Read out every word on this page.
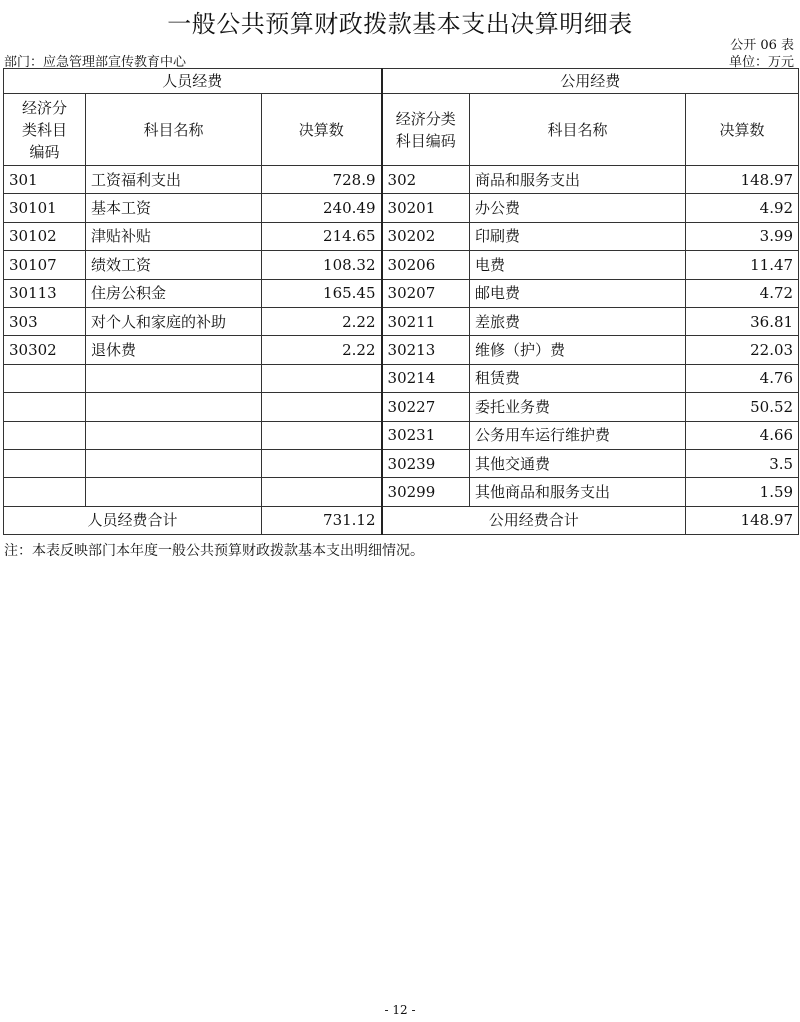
一般公共预算财政拨款基本支出决算明细表
公开 06 表
部门：应急管理部宣传教育中心	单位：万元
人员经费			公用经费		
经济分类科目编码	科目名称	决算数	经济分类科目编码	科目名称	决算数
301	工资福利支出	728.9	302	商品和服务支出	148.97
30101	基本工资	240.49	30201	办公费	4.92
30102	津贴补贴	214.65	30202	印刷费	3.99
30107	绩效工资	108.32	30206	电费	11.47
30113	住房公积金	165.45	30207	邮电费	4.72
303	对个人和家庭的补助	2.22	30211	差旅费	36.81
30302	退休费	2.22	30213	维修（护）费	22.03
			30214	租赁费	4.76
			30227	委托业务费	50.52
			30231	公务用车运行维护费	4.66
			30239	其他交通费	3.5
			30299	其他商品和服务支出	1.59
人员经费合计		731.12	公用经费合计		148.97
注：本表反映部门本年度一般公共预算财政拨款基本支出明细情况。
- 12 -
